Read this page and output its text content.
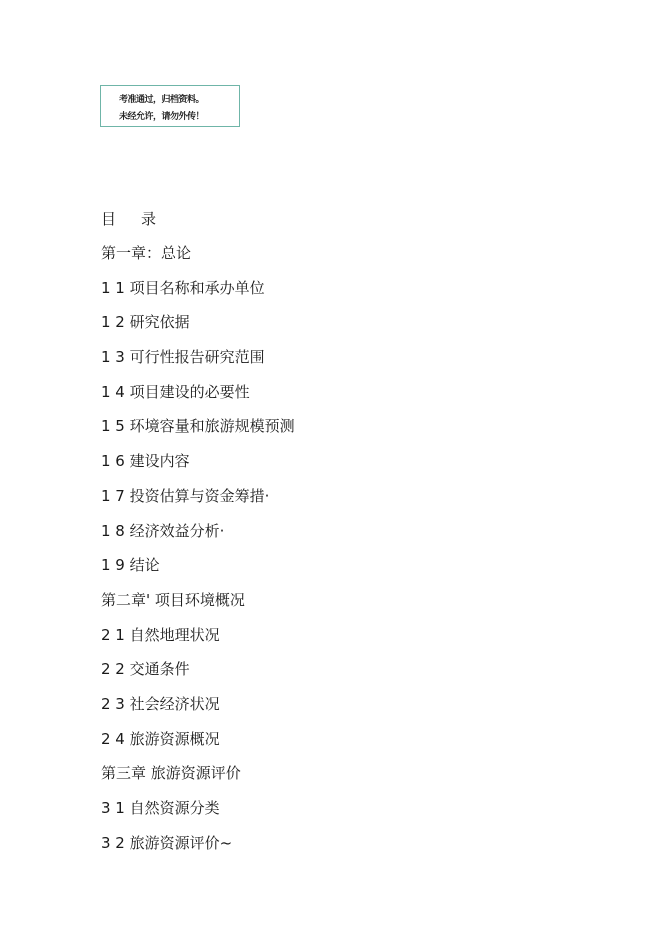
考准通过，归档资料。
未经允许，请勿外传！
目 录
第一章：总论
1 1 项目名称和承办单位
1 2 研究依据
1 3 可行性报告研究范围
1 4 项目建设的必要性
1 5 环境容量和旅游规模预测
1 6 建设内容
1 7 投资估算与资金筹措·
1 8 经济效益分析·
1 9 结论
第二章' 项目环境概况
2 1 自然地理状况
2 2 交通条件
2 3 社会经济状况
2 4 旅游资源概况
第三章 旅游资源评价
3 1 自然资源分类
3 2 旅游资源评价~
